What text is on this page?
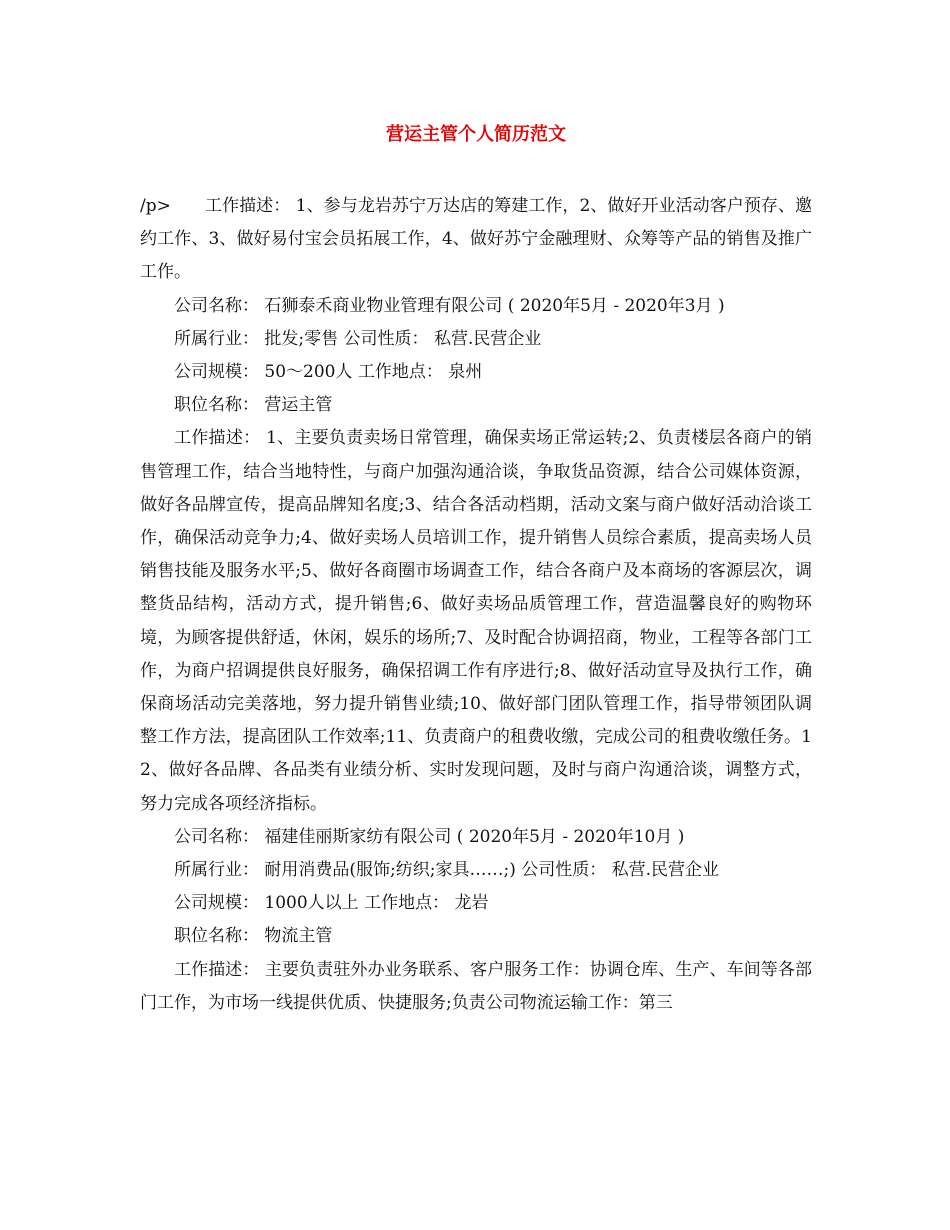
营运主管个人简历范文

/p>　　工作描述： 1、参与龙岩苏宁万达店的筹建工作，2、做好开业活动客户预存、邀约工作、3、做好易付宝会员拓展工作，4、做好苏宁金融理财、众筹等产品的销售及推广工作。

公司名称： 石狮泰禾商业物业管理有限公司 ( 2020年5月 - 2020年3月 )

所属行业： 批发;零售 公司性质： 私营.民营企业

公司规模： 50～200人 工作地点： 泉州

职位名称： 营运主管

工作描述： 1、主要负责卖场日常管理，确保卖场正常运转;2、负责楼层各商户的销售管理工作，结合当地特性，与商户加强沟通洽谈，争取货品资源，结合公司媒体资源，做好各品牌宣传，提高品牌知名度;3、结合各活动档期，活动文案与商户做好活动洽谈工作，确保活动竞争力;4、做好卖场人员培训工作，提升销售人员综合素质，提高卖场人员销售技能及服务水平;5、做好各商圈市场调查工作，结合各商户及本商场的客源层次，调整货品结构，活动方式，提升销售;6、做好卖场品质管理工作，营造温馨良好的购物环境，为顾客提供舒适，休闲，娱乐的场所;7、及时配合协调招商，物业，工程等各部门工作，为商户招调提供良好服务，确保招调工作有序进行;8、做好活动宣导及执行工作，确保商场活动完美落地，努力提升销售业绩;10、做好部门团队管理工作，指导带领团队调整工作方法，提高团队工作效率;11、负责商户的租费收缴，完成公司的租费收缴任务。12、做好各品牌、各品类有业绩分析、实时发现问题，及时与商户沟通洽谈，调整方式，努力完成各项经济指标。

公司名称： 福建佳丽斯家纺有限公司 ( 2020年5月 - 2020年10月 )

所属行业： 耐用消费品(服饰;纺织;家具……;) 公司性质： 私营.民营企业

公司规模： 1000人以上 工作地点： 龙岩

职位名称： 物流主管

工作描述： 主要负责驻外办业务联系、客户服务工作：协调仓库、生产、车间等各部门工作，为市场一线提供优质、快捷服务;负责公司物流运输工作：第三
